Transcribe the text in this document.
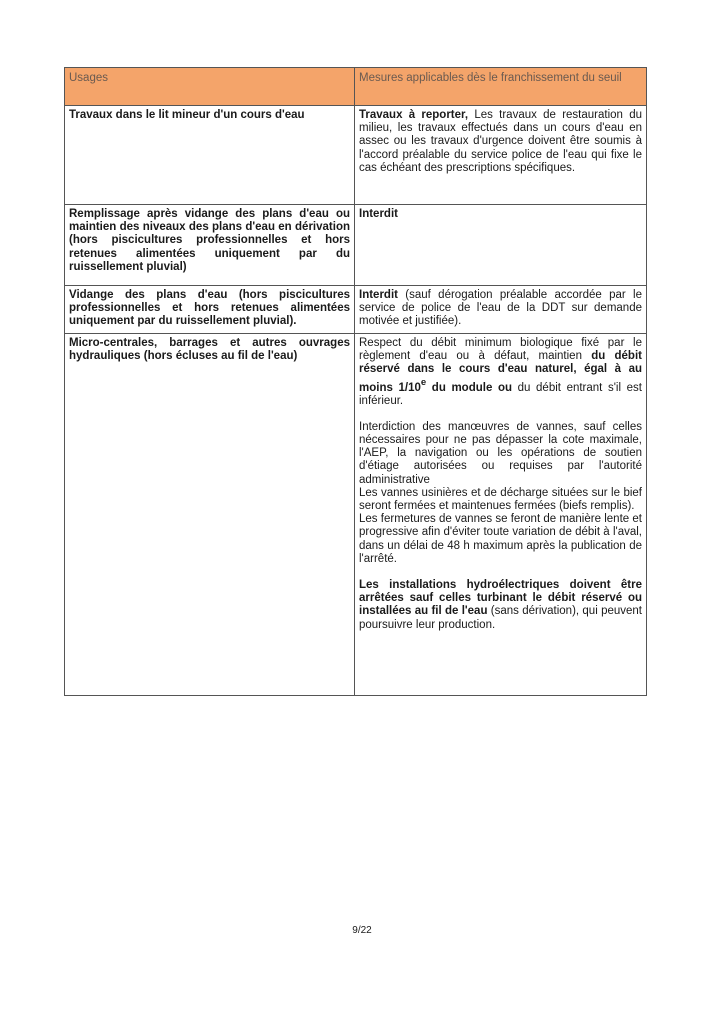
Usages	Mesures applicables dès le franchissement du seuil
Travaux dans le lit mineur d'un cours d'eau	Travaux à reporter, Les travaux de restauration du milieu, les travaux effectués dans un cours d'eau en assec ou les travaux d'urgence doivent être soumis à l'accord préalable du service police de l'eau qui fixe le cas échéant des prescriptions spécifiques.
Remplissage après vidange des plans d'eau ou maintien des niveaux des plans d'eau en dérivation (hors piscicultures professionnelles et hors retenues alimentées uniquement par du ruissellement pluvial)	Interdit
Vidange des plans d'eau (hors piscicultures professionnelles et hors retenues alimentées uniquement par du ruissellement pluvial).	Interdit (sauf dérogation préalable accordée par le service de police de l'eau de la DDT sur demande motivée et justifiée).
Micro-centrales, barrages et autres ouvrages hydrauliques (hors écluses au fil de l'eau)	Respect du débit minimum biologique fixé par le règlement d'eau ou à défaut, maintien du débit réservé dans le cours d'eau naturel, égal à au moins 1/10e du module ou du débit entrant s'il est inférieur.

Interdiction des manœuvres de vannes, sauf celles nécessaires pour ne pas dépasser la cote maximale, l'AEP, la navigation ou les opérations de soutien d'étiage autorisées ou requises par l'autorité administrative

Les vannes usinières et de décharge situées sur le bief seront fermées et maintenues fermées (biefs remplis).

Les fermetures de vannes se feront de manière lente et progressive afin d'éviter toute variation de débit à l'aval, dans un délai de 48 h maximum après la publication de l'arrêté.

Les installations hydroélectriques doivent être arrêtées sauf celles turbinant le débit réservé ou installées au fil de l'eau (sans dérivation), qui peuvent poursuivre leur production.

9/22
